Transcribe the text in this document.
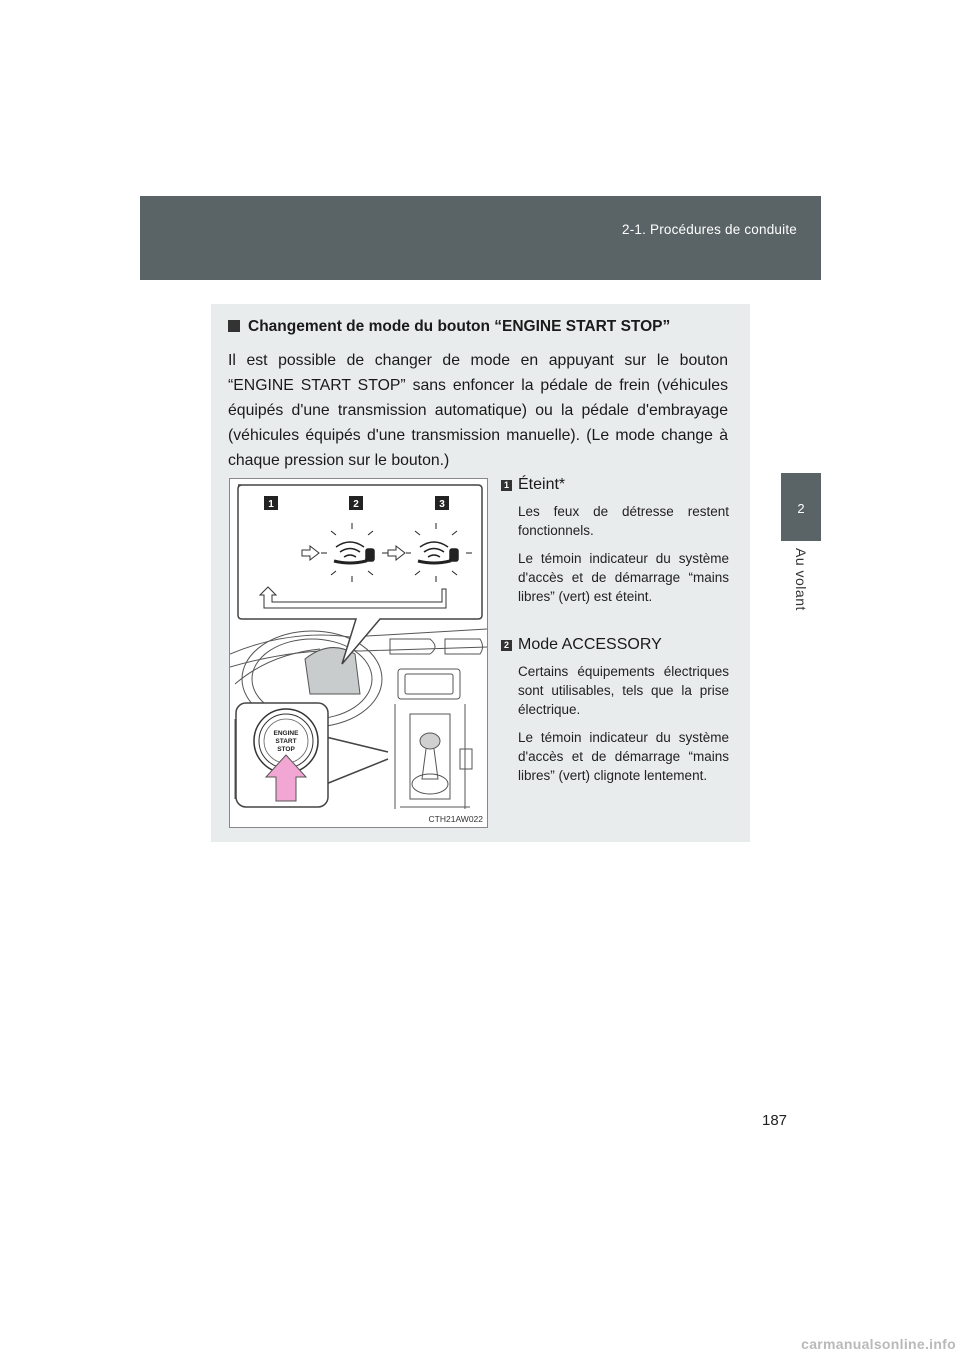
2-1. Procédures de conduite
2
Au volant
Changement de mode du bouton “ENGINE START STOP”
Il est possible de changer de mode en appuyant sur le bouton “ENGINE START STOP” sans enfoncer la pédale de frein (véhicules équipés d'une transmission automatique) ou la pédale d'embrayage (véhicules équipés d'une transmission manuelle). (Le mode change à chaque pression sur le bouton.)
1	2	3
ENGINE
START
STOP
CTH21AW022
1 Éteint*

Les feux de détresse restent fonctionnels.

Le témoin indicateur du système d'accès et de démarrage “mains libres” (vert) est éteint.

2 Mode ACCESSORY

Certains équipements électriques sont utilisables, tels que la prise électrique.

Le témoin indicateur du système d'accès et de démarrage “mains libres” (vert) clignote lentement.

187
carmanualsonline.info
